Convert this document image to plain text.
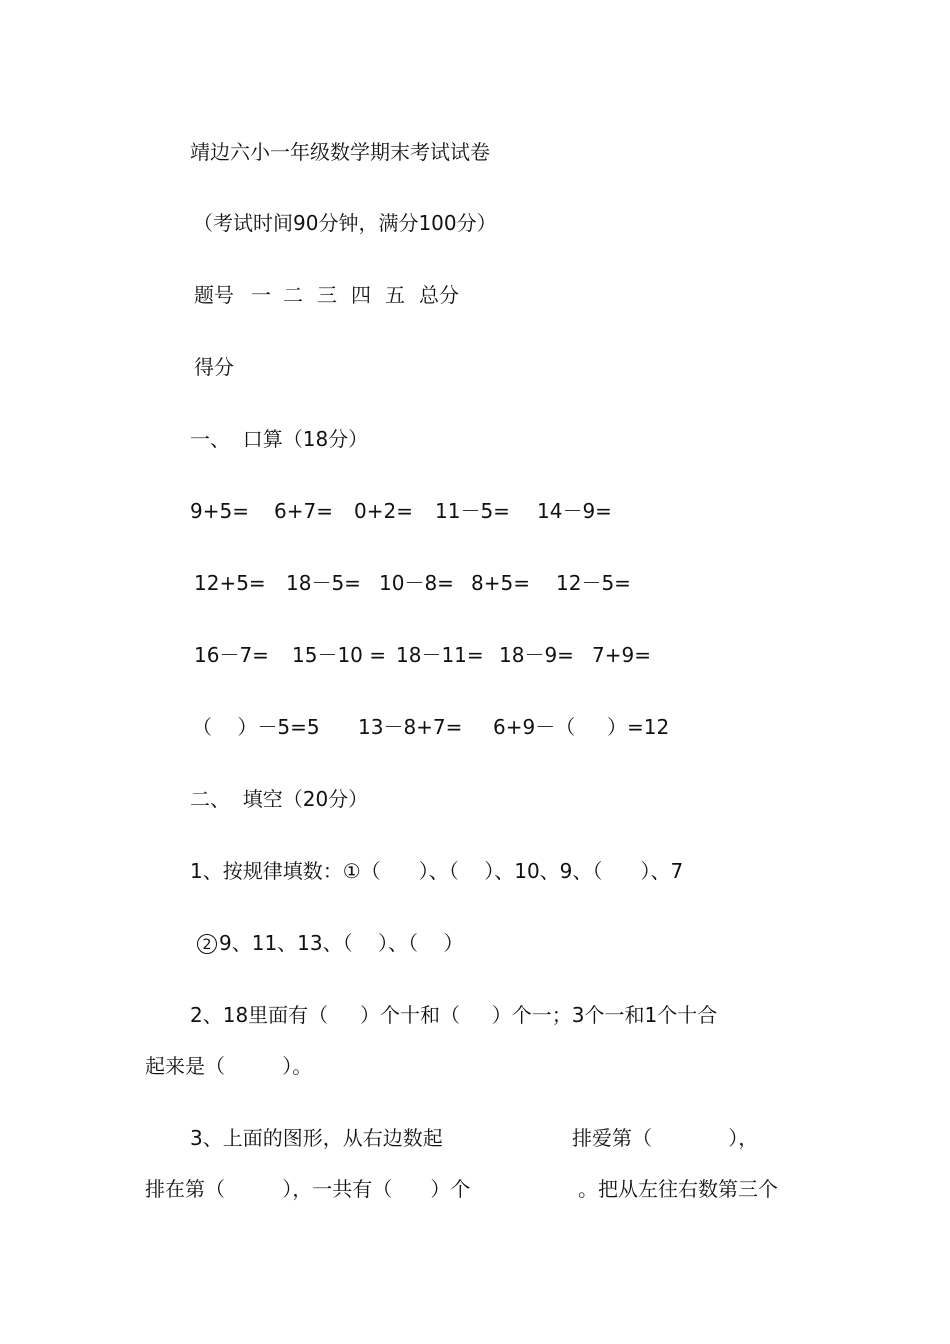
靖边六小一年级数学期末考试试卷
（考试时间90分钟，满分100分）

题号

一

二

三

四

五

总分

得分
一、  口算（18分）

9+5=

6+7=

0+2=

11－5=

14－9=

12+5=

18－5=

10－8=

8+5=

12－5=

16－7=

15－10 =

18－11=

18－9=

7+9=

（    ）－5=5

13－8+7=

6+9－（     ）=12

二、  填空（20分）
1、按规律填数：①（      ）、（    ）、10、9、（      ）、7
2 9、11、13、（    ）、（    ）
2、18里面有（     ）个十和（     ）个一；3个一和1个十合
起来是（         ）。
3、上面的图形，从右边数起	排爱第（            ），
排在第（         ），一共有（      ）个	。把从左往右数第三个
